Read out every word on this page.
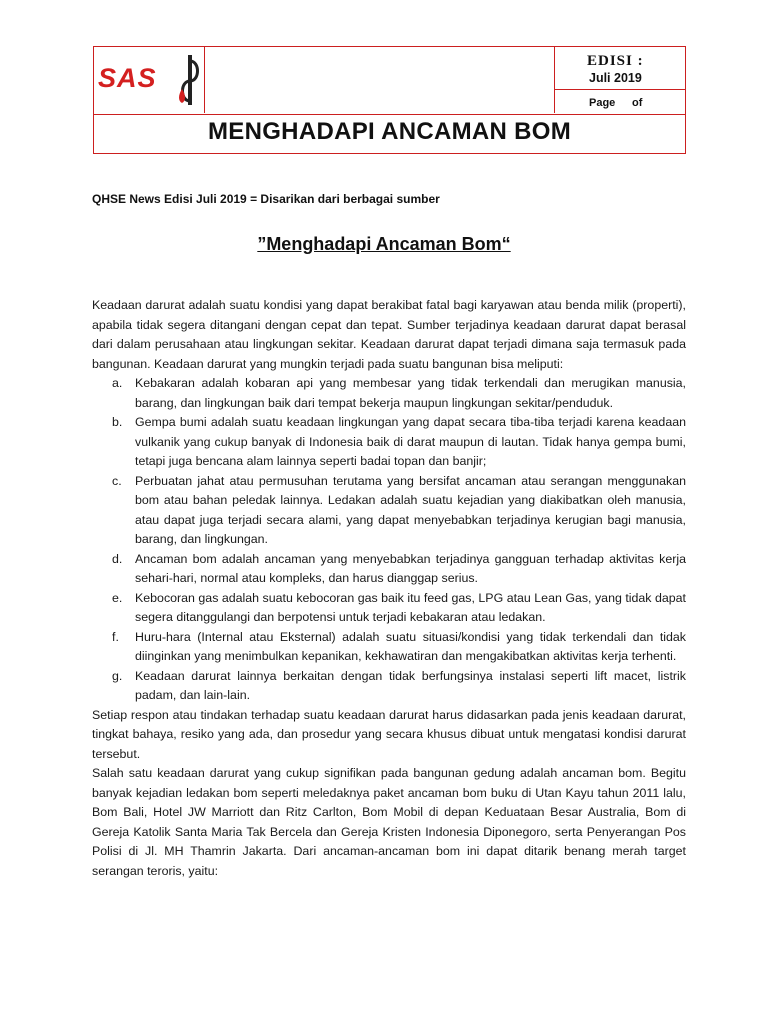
SAS
EDISI :
Juli 2019
Page of
MENGHADAPI ANCAMAN BOM
QHSE News Edisi Juli 2019 = Disarikan dari berbagai sumber
”Menghadapi Ancaman Bom“

Keadaan darurat adalah suatu kondisi yang dapat berakibat fatal bagi karyawan atau benda milik (properti), apabila tidak segera ditangani dengan cepat dan tepat. Sumber terjadinya keadaan darurat dapat berasal dari dalam perusahaan atau lingkungan sekitar. Keadaan darurat dapat terjadi dimana saja termasuk pada bangunan. Keadaan darurat yang mungkin terjadi pada suatu bangunan bisa meliputi:

a. Kebakaran adalah kobaran api yang membesar yang tidak terkendali dan merugikan manusia, barang, dan lingkungan baik dari tempat bekerja maupun lingkungan sekitar/penduduk.
b. Gempa bumi adalah suatu keadaan lingkungan yang dapat secara tiba-tiba terjadi karena keadaan vulkanik yang cukup banyak di Indonesia baik di darat maupun di lautan. Tidak hanya gempa bumi, tetapi juga bencana alam lainnya seperti badai topan dan banjir;
c. Perbuatan jahat atau permusuhan terutama yang bersifat ancaman atau serangan menggunakan bom atau bahan peledak lainnya. Ledakan adalah suatu kejadian yang diakibatkan oleh manusia, atau dapat juga terjadi secara alami, yang dapat menyebabkan terjadinya kerugian bagi manusia, barang, dan lingkungan.
d. Ancaman bom adalah ancaman yang menyebabkan terjadinya gangguan terhadap aktivitas kerja sehari-hari, normal atau kompleks, dan harus dianggap serius.
e. Kebocoran gas adalah suatu kebocoran gas baik itu feed gas, LPG atau Lean Gas, yang tidak dapat segera ditanggulangi dan berpotensi untuk terjadi kebakaran atau ledakan.
f. Huru-hara (Internal atau Eksternal) adalah suatu situasi/kondisi yang tidak terkendali dan tidak diinginkan yang menimbulkan kepanikan, kekhawatiran dan mengakibatkan aktivitas kerja terhenti.
g. Keadaan darurat lainnya berkaitan dengan tidak berfungsinya instalasi seperti lift macet, listrik padam, dan lain-lain.

Setiap respon atau tindakan terhadap suatu keadaan darurat harus didasarkan pada jenis keadaan darurat, tingkat bahaya, resiko yang ada, dan prosedur yang secara khusus dibuat untuk mengatasi kondisi darurat tersebut.

Salah satu keadaan darurat yang cukup signifikan pada bangunan gedung adalah ancaman bom. Begitu banyak kejadian ledakan bom seperti meledaknya paket ancaman bom buku di Utan Kayu tahun 2011 lalu, Bom Bali, Hotel JW Marriott dan Ritz Carlton, Bom Mobil di depan Keduataan Besar Australia, Bom di Gereja Katolik Santa Maria Tak Bercela dan Gereja Kristen Indonesia Diponegoro, serta Penyerangan Pos Polisi di Jl. MH Thamrin Jakarta. Dari ancaman-ancaman bom ini dapat ditarik benang merah target serangan teroris, yaitu:
